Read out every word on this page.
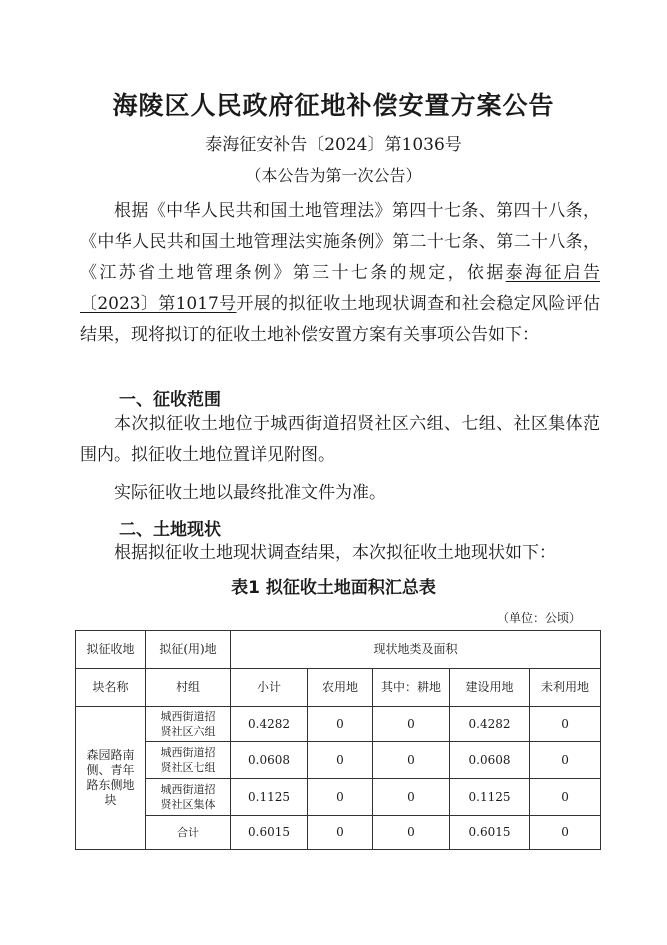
海陵区人民政府征地补偿安置方案公告
泰海征安补告〔2024〕第1036号
（本公告为第一次公告）

根据《中华人民共和国土地管理法》第四十七条、第四十八条，《中华人民共和国土地管理法实施条例》第二十七条、第二十八条，《江苏省土地管理条例》第三十七条的规定，依据泰海征启告〔2023〕第1017号开展的拟征收土地现状调查和社会稳定风险评估结果，现将拟订的征收土地补偿安置方案有关事项公告如下：

一、征收范围

本次拟征收土地位于城西街道招贤社区六组、七组、社区集体范围内。拟征收土地位置详见附图。

实际征收土地以最终批准文件为准。

二、土地现状

根据拟征收土地现状调查结果，本次拟征收土地现状如下：

表1 拟征收土地面积汇总表
（单位：公顷）
拟征收地	拟征(用)地	现状地类及面积				
块名称	村组	小计	农用地	其中：耕地	建设用地	未利用地

森园路南侧、青年路东侧地块	城西街道招贤社区六组	0.4282	0	0	0.4282	0

	城西街道招贤社区七组	0.0608	0	0	0.0608	0

	城西街道招贤社区集体	0.1125	0	0	0.1125	0
	合计	0.6015	0	0	0.6015	0
